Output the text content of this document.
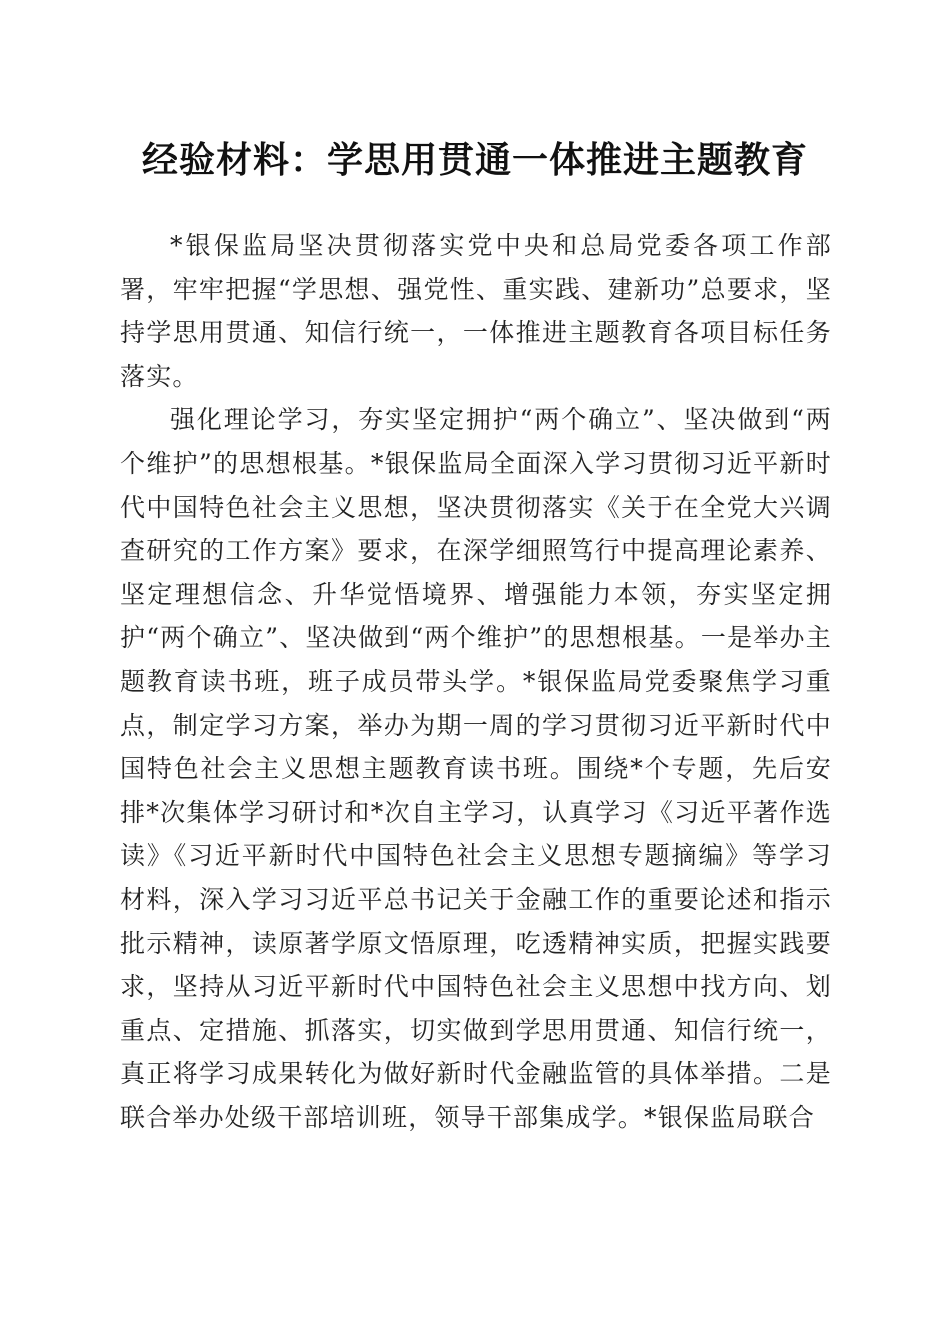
经验材料：学思用贯通一体推进主题教育

*银保监局坚决贯彻落实党中央和总局党委各项工作部署，牢牢把握“学思想、强党性、重实践、建新功”总要求，坚持学思用贯通、知信行统一，一体推进主题教育各项目标任务落实。

强化理论学习，夯实坚定拥护“两个确立”、坚决做到“两个维护”的思想根基。*银保监局全面深入学习贯彻习近平新时代中国特色社会主义思想，坚决贯彻落实《关于在全党大兴调查研究的工作方案》要求，在深学细照笃行中提高理论素养、坚定理想信念、升华觉悟境界、增强能力本领，夯实坚定拥护“两个确立”、坚决做到“两个维护”的思想根基。一是举办主题教育读书班，班子成员带头学。*银保监局党委聚焦学习重点，制定学习方案，举办为期一周的学习贯彻习近平新时代中国特色社会主义思想主题教育读书班。围绕*个专题，先后安排*次集体学习研讨和*次自主学习，认真学习《习近平著作选读》《习近平新时代中国特色社会主义思想专题摘编》等学习材料，深入学习习近平总书记关于金融工作的重要论述和指示批示精神，读原著学原文悟原理，吃透精神实质，把握实践要求，坚持从习近平新时代中国特色社会主义思想中找方向、划重点、定措施、抓落实，切实做到学思用贯通、知信行统一，真正将学习成果转化为做好新时代金融监管的具体举措。二是联合举办处级干部培训班，领导干部集成学。*银保监局联合
